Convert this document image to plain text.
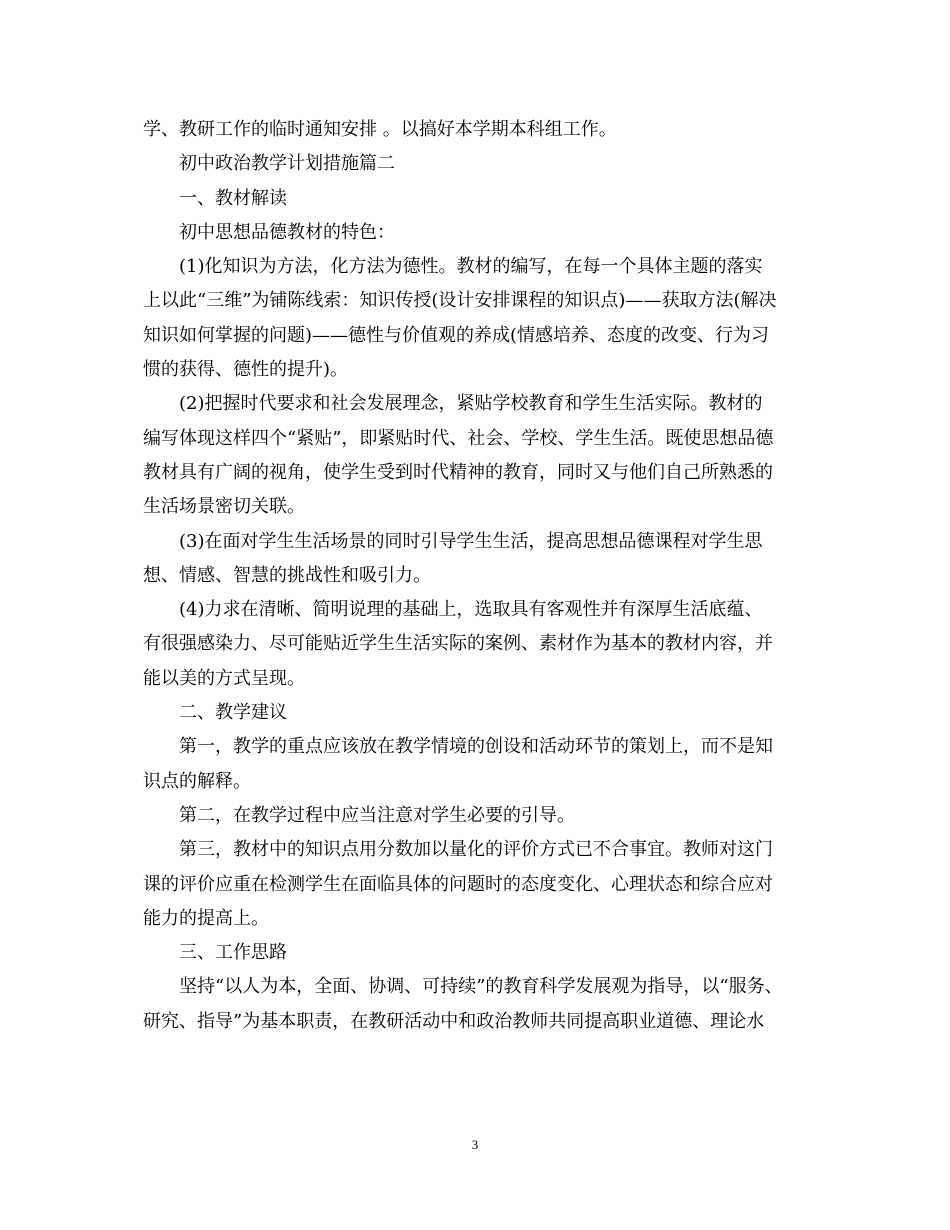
学、教研工作的临时通知安排 。以搞好本学期本科组工作。
初中政治教学计划措施篇二
一、教材解读
初中思想品德教材的特色：
(1)化知识为方法，化方法为德性。教材的编写，在每一个具体主题的落实
上以此“三维”为铺陈线索：知识传授(设计安排课程的知识点)——获取方法(解决
知识如何掌握的问题)——德性与价值观的养成(情感培养、态度的改变、行为习
惯的获得、德性的提升)。
(2)把握时代要求和社会发展理念，紧贴学校教育和学生生活实际。教材的
编写体现这样四个“紧贴”，即紧贴时代、社会、学校、学生生活。既使思想品德
教材具有广阔的视角，使学生受到时代精神的教育，同时又与他们自己所熟悉的
生活场景密切关联。
(3)在面对学生生活场景的同时引导学生生活，提高思想品德课程对学生思
想、情感、智慧的挑战性和吸引力。
(4)力求在清晰、简明说理的基础上，选取具有客观性并有深厚生活底蕴、
有很强感染力、尽可能贴近学生生活实际的案例、素材作为基本的教材内容，并
能以美的方式呈现。
二、教学建议
第一，教学的重点应该放在教学情境的创设和活动环节的策划上，而不是知
识点的解释。
第二，在教学过程中应当注意对学生必要的引导。
第三，教材中的知识点用分数加以量化的评价方式已不合事宜。教师对这门
课的评价应重在检测学生在面临具体的问题时的态度变化、心理状态和综合应对
能力的提高上。
三、工作思路
坚持“以人为本，全面、协调、可持续”的教育科学发展观为指导，以“服务、
研究、指导”为基本职责，在教研活动中和政治教师共同提高职业道德、理论水
3
